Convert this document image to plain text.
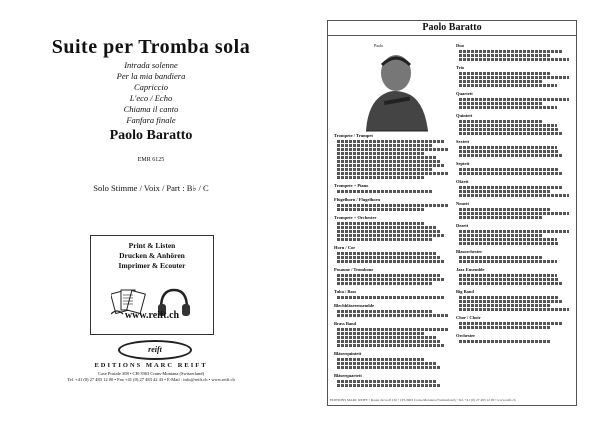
Suite per Tromba sola
Intrada solenne
Per la mia bandiera
Capriccio
L'eco / Echo
Chiama il canto
Fanfara finale
Paolo Baratto
EMR 6125
Solo Stimme / Voix / Part : B♭ / C
Print & Listen
Drucken & Anhören
Imprimer & Ecouter
www.reift.ch
reift
EDITIONS MARC REIFT
Case Postale 308 • CH-3963 Crans-Montana (Switzerland)
Tel. +41 (0) 27 483 12 00 • Fax +41 (0) 27 483 42 43 • E-Mail : info@reift.ch • www.reift.ch
Paolo Baratto
Paolo
Trompete / Trumpet
Trompete + Piano
Flügelhorn / Flugelhorn
Trompete + Orchester
Horn / Cor
Posaune / Trombone
Tuba / Bass
Blechbläserensemble
Brass Band
Bläserquintett
Bläserquartett
Duo
Trio
Quartett
Quintett
Sextett
Septett
Oktett
Nonett
Dezett
Blasorchester
Jazz Ensemble
Big Band
Chor / Choir
Orchester
EDITIONS MARC REIFT • Route du Golf 150 • CH-3963 Crans-Montana (Switzerland) • Tel. +41 (0) 27 483 12 00 • www.reift.ch
